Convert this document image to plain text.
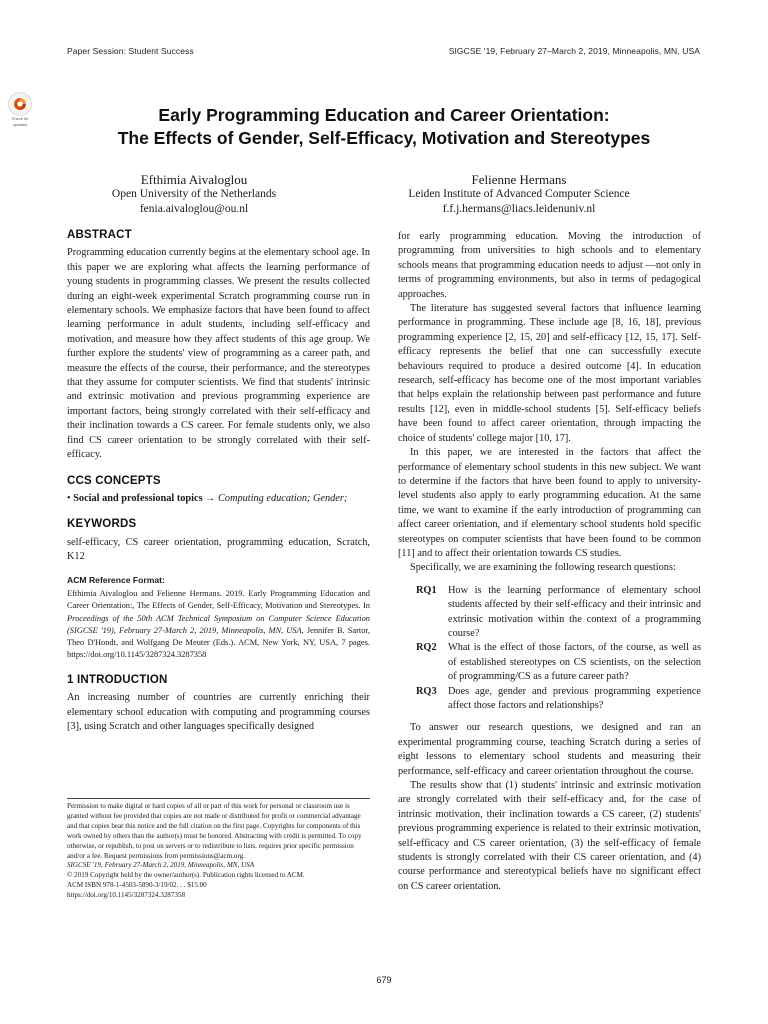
Paper Session: Student Success	SIGCSE '19, February 27–March 2, 2019, Minneapolis, MN, USA
Check for
updates	Early Programming Education and Career Orientation:
The Effects of Gender, Self-Efficacy, Motivation and Stereotypes
Efthimia Aivaloglou
Open University of the Netherlands
fenia.aivaloglou@ou.nl
Felienne Hermans
Leiden Institute of Advanced Computer Science
f.f.j.hermans@liacs.leidenuniv.nl
ABSTRACT

Programming education currently begins at the elementary school age. In this paper we are exploring what affects the learning performance of young students in programming classes. We present the results collected during an eight-week experimental Scratch programming course run in elementary schools. We emphasize factors that have been found to affect learning performance in adult students, including self-efficacy and motivation, and measure how they affect students of this age group. We further explore the students' view of programming as a career path, and measure the effects of the course, their performance, and the stereotypes that they assume for computer scientists. We find that students' intrinsic and extrinsic motivation and previous programming experience are important factors, being strongly correlated with their self-efficacy and their inclination towards a CS career. For female students only, we also find CS career orientation to be strongly correlated with their self-efficacy.

CCS CONCEPTS

• Social and professional topics → Computing education; Gender;

KEYWORDS

self-efficacy, CS career orientation, programming education, Scratch, K12

ACM Reference Format:

Efthimia Aivaloglou and Felienne Hermans. 2019. Early Programming Education and Career Orientation:, The Effects of Gender, Self-Efficacy, Motivation and Stereotypes. In Proceedings of the 50th ACM Technical Symposium on Computer Science Education (SIGCSE '19), February 27-March 2, 2019, Minneapolis, MN, USA, Jennifer B. Sartor, Theo D'Hondt, and Wolfgang De Meuter (Eds.). ACM, New York, NY, USA, 7 pages. https://doi.org/10.1145/3287324.3287358

1 INTRODUCTION

An increasing number of countries are currently enriching their elementary school education with computing and programming courses [3], using Scratch and other languages specifically designed

Permission to make digital or hard copies of all or part of this work for personal or classroom use is granted without fee provided that copies are not made or distributed for profit or commercial advantage and that copies bear this notice and the full citation on the first page. Copyrights for components of this work owned by others than the author(s) must be honored. Abstracting with credit is permitted. To copy otherwise, or republish, to post on servers or to redistribute to lists, requires prior specific permission and/or a fee. Request permissions from permissions@acm.org.
SIGCSE '19, February 27-March 2, 2019, Minneapolis, MN, USA
© 2019 Copyright held by the owner/author(s). Publication rights licensed to ACM.
ACM ISBN 978-1-4503-5890-3/19/02. . . $15.00
https://doi.org/10.1145/3287324.3287358

for early programming education. Moving the introduction of programming from universities to high schools and to elementary schools means that programming education needs to adjust —not only in terms of programming environments, but also in terms of pedagogical approaches.

The literature has suggested several factors that influence learning performance in programming. These include age [8, 16, 18], previous programming experience [2, 15, 20] and self-efficacy [12, 15, 17]. Self-efficacy represents the belief that one can successfully execute behaviours required to produce a desired outcome [4]. In education research, self-efficacy has become one of the most important variables that helps explain the relationship between past performance and future results [12], even in middle-school students [5]. Self-efficacy beliefs have been found to affect career orientation, through impacting the choice of students' college major [10, 17].

In this paper, we are interested in the factors that affect the performance of elementary school students in this new subject. We want to determine if the factors that have been found to apply to university-level students also apply to early programming education. At the same time, we want to examine if the early introduction of programming can affect career orientation, and if elementary school students hold specific stereotypes on computer scientists that have been found to be common [11] and to affect their orientation towards CS studies.

Specifically, we are examining the following research questions:

RQ1	How is the learning performance of elementary school students affected by their self-efficacy and their intrinsic and extrinsic motivation within the context of a programming course?
RQ2	What is the effect of those factors, of the course, as well as of established stereotypes on CS scientists, on the selection of programming/CS as a future career path?
RQ3	Does age, gender and previous programming experience affect those factors and relationships?

To answer our research questions, we designed and ran an experimental programming course, teaching Scratch during a series of eight lessons to elementary school students and measuring their performance, self-efficacy and career orientation throughout the course.

The results show that (1) students' intrinsic and extrinsic motivation are strongly correlated with their self-efficacy and, for the case of intrinsic motivation, their inclination towards a CS career, (2) students' previous programming experience is related to their extrinsic motivation, self-efficacy and CS career orientation, (3) the self-efficacy of female students is strongly correlated with their CS career orientation, and (4) course performance and stereotypical beliefs have no significant effect on CS career orientation.

679
